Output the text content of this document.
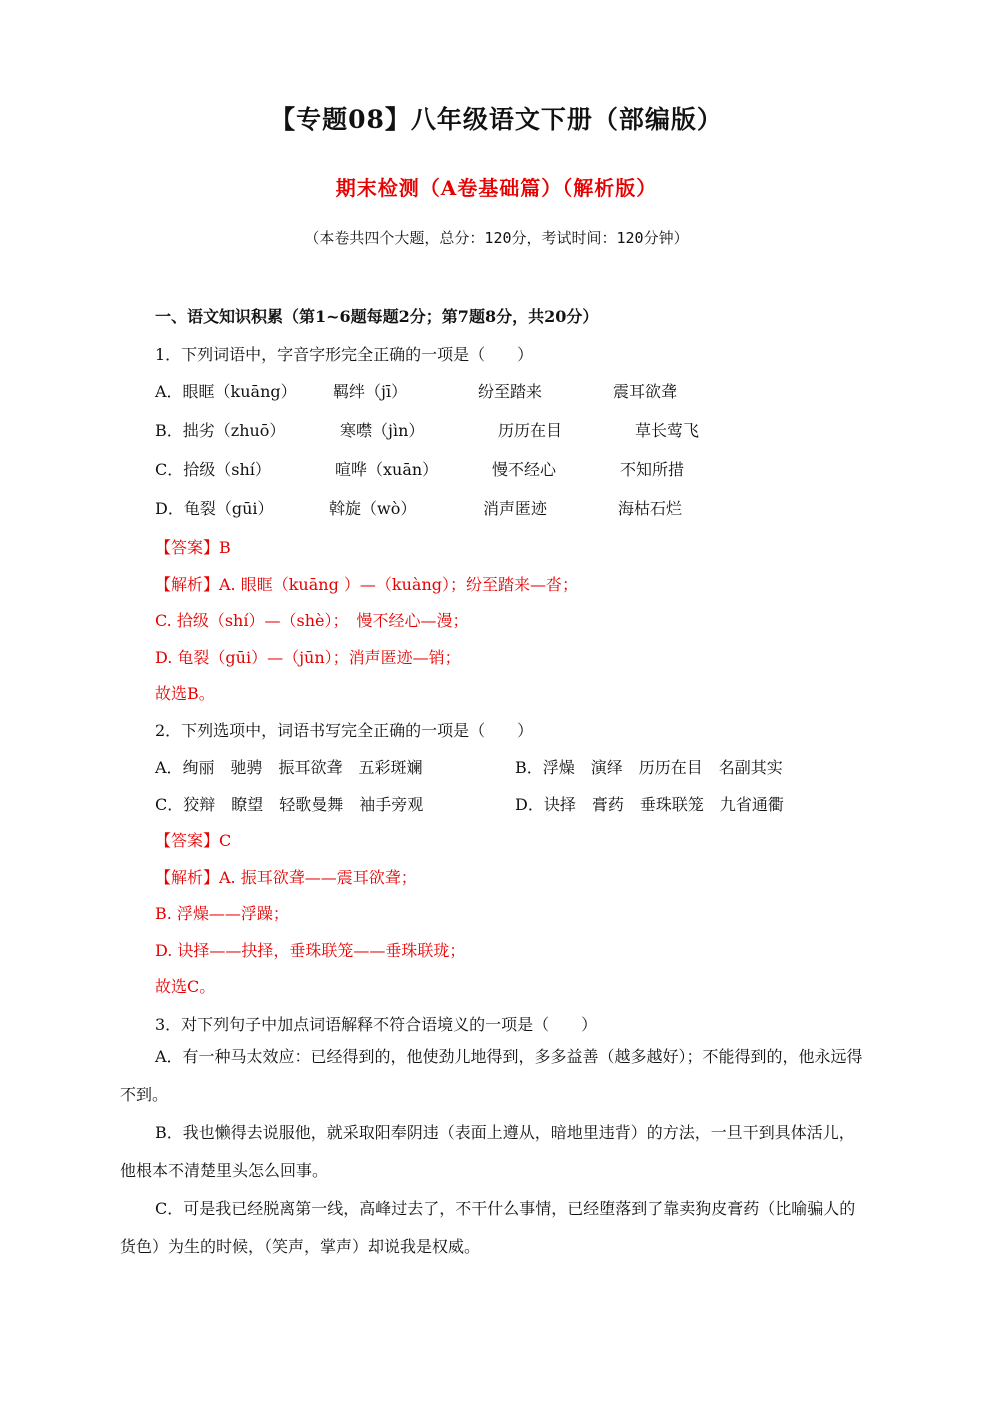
【专题08】八年级语文下册（部编版）
期末检测（A卷基础篇）（解析版）
（本卷共四个大题，总分：120分，考试时间：120分钟）
一、语文知识积累（第1~6题每题2分；第7题8分，共20分）
1．下列词语中，字音字形完全正确的一项是（　　）
A．眼眶（kuāng）	羁绊（jī）	纷至踏来	震耳欲聋
B．拙劣（zhuō）	寒噤（jìn）	历历在目	草长莺飞
C．拾级（shí）	喧哗（xuān）	慢不经心	不知所措
D．龟裂（gūi）	斡旋（wò）	消声匿迹	海枯石烂
【答案】B
【解析】A. 眼眶（kuāng ）—（kuàng）；纷至踏来—沓；
C. 拾级（shí）—（shè）；　慢不经心—漫；
D. 龟裂（gūi）—（jūn）；消声匿迹—销；
故选B。
2．下列选项中，词语书写完全正确的一项是（　　）
A．绚丽　驰骋　振耳欲聋　五彩斑斓	B．浮燥　演绎　历历在目　名副其实
C．狡辩　瞭望　轻歌曼舞　袖手旁观	D．诀择　膏药　垂珠联笼　九省通衢
【答案】C
【解析】A. 振耳欲聋——震耳欲聋；
B. 浮燥——浮躁；
D. 诀择——抉择，垂珠联笼——垂珠联珑；
故选C。
3．对下列句子中加点词语解释不符合语境义的一项是（　　）
A．有一种马太效应：已经得到的，他使劲儿地得到，多多益善（越多越好）；不能得到的，他永远得不到。
B．我也懒得去说服他，就采取阳奉阴违（表面上遵从，暗地里违背）的方法，一旦干到具体活儿，他根本不清楚里头怎么回事。
C．可是我已经脱离第一线，高峰过去了，不干什么事情，已经堕落到了靠卖狗皮膏药（比喻骗人的货色）为生的时候，（笑声，掌声）却说我是权威。
